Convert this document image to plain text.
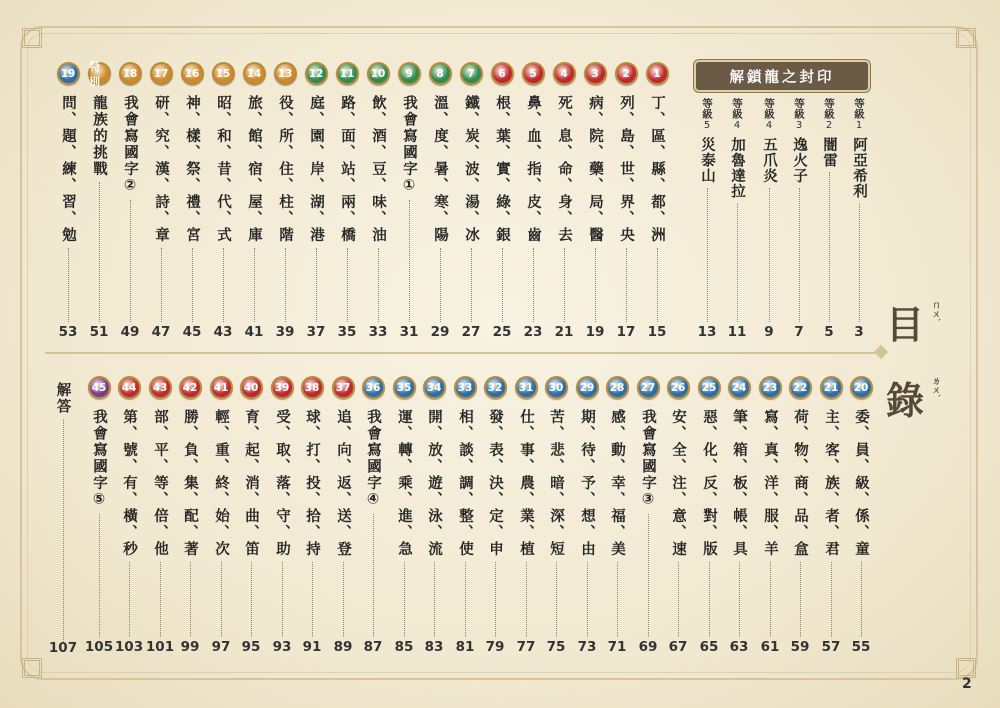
目 ㄇㄨˋ
錄 ㄌㄨˋ
解鎖龍之封印
等級
1
阿亞希利
3
等級
2
闇雷
5
等級
3
逸火子
7
等級
4
五爪炎
9
等級
4
加魯達拉
11
等級
5
災泰山
13
1
丁、區、縣、都、洲
15
2
列、島、世、界、央
17
3
病、院、藥、局、醫
19
4
死、息、命、身、去
21
5
鼻、血、指、皮、齒
23
6
根、葉、實、綠、銀
25
7
鐵、炭、波、湯、冰
27
8
溫、度、暑、寒、陽
29
9
我會寫國字①
31
10
飲、酒、豆、味、油
33
11
路、面、站、兩、橋
35
12
庭、園、岸、湖、港
37
13
役、所、住、柱、階
39
14
旅、館、宿、屋、庫
41
15
昭、和、昔、代、式
43
16
神、樣、祭、禮、宮
45
17
研、究、漢、詩、章
47
18
我會寫國字②
49
特別
龍族的挑戰
51
19
問、題、練、習、勉
53
20
委、員、級、係、童
55
21
主、客、族、者、君
57
22
荷、物、商、品、盒
59
23
寫、真、洋、服、羊
61
24
筆、箱、板、帳、具
63
25
惡、化、反、對、版
65
26
安、全、注、意、速
67
27
我會寫國字③
69
28
感、動、幸、福、美
71
29
期、待、予、想、由
73
30
苦、悲、暗、深、短
75
31
仕、事、農、業、植
77
32
發、表、決、定、申
79
33
相、談、調、整、使
81
34
開、放、遊、泳、流
83
35
運、轉、乘、進、急
85
36
我會寫國字④
87
37
追、向、返、送、登
89
38
球、打、投、拾、持
91
39
受、取、落、守、助
93
40
育、起、消、曲、笛
95
41
輕、重、終、始、次
97
42
勝、負、集、配、著
99
43
部、平、等、倍、他
101
44
第、號、有、橫、秒
103
45
我會寫國字⑤
105
解答
107
2
